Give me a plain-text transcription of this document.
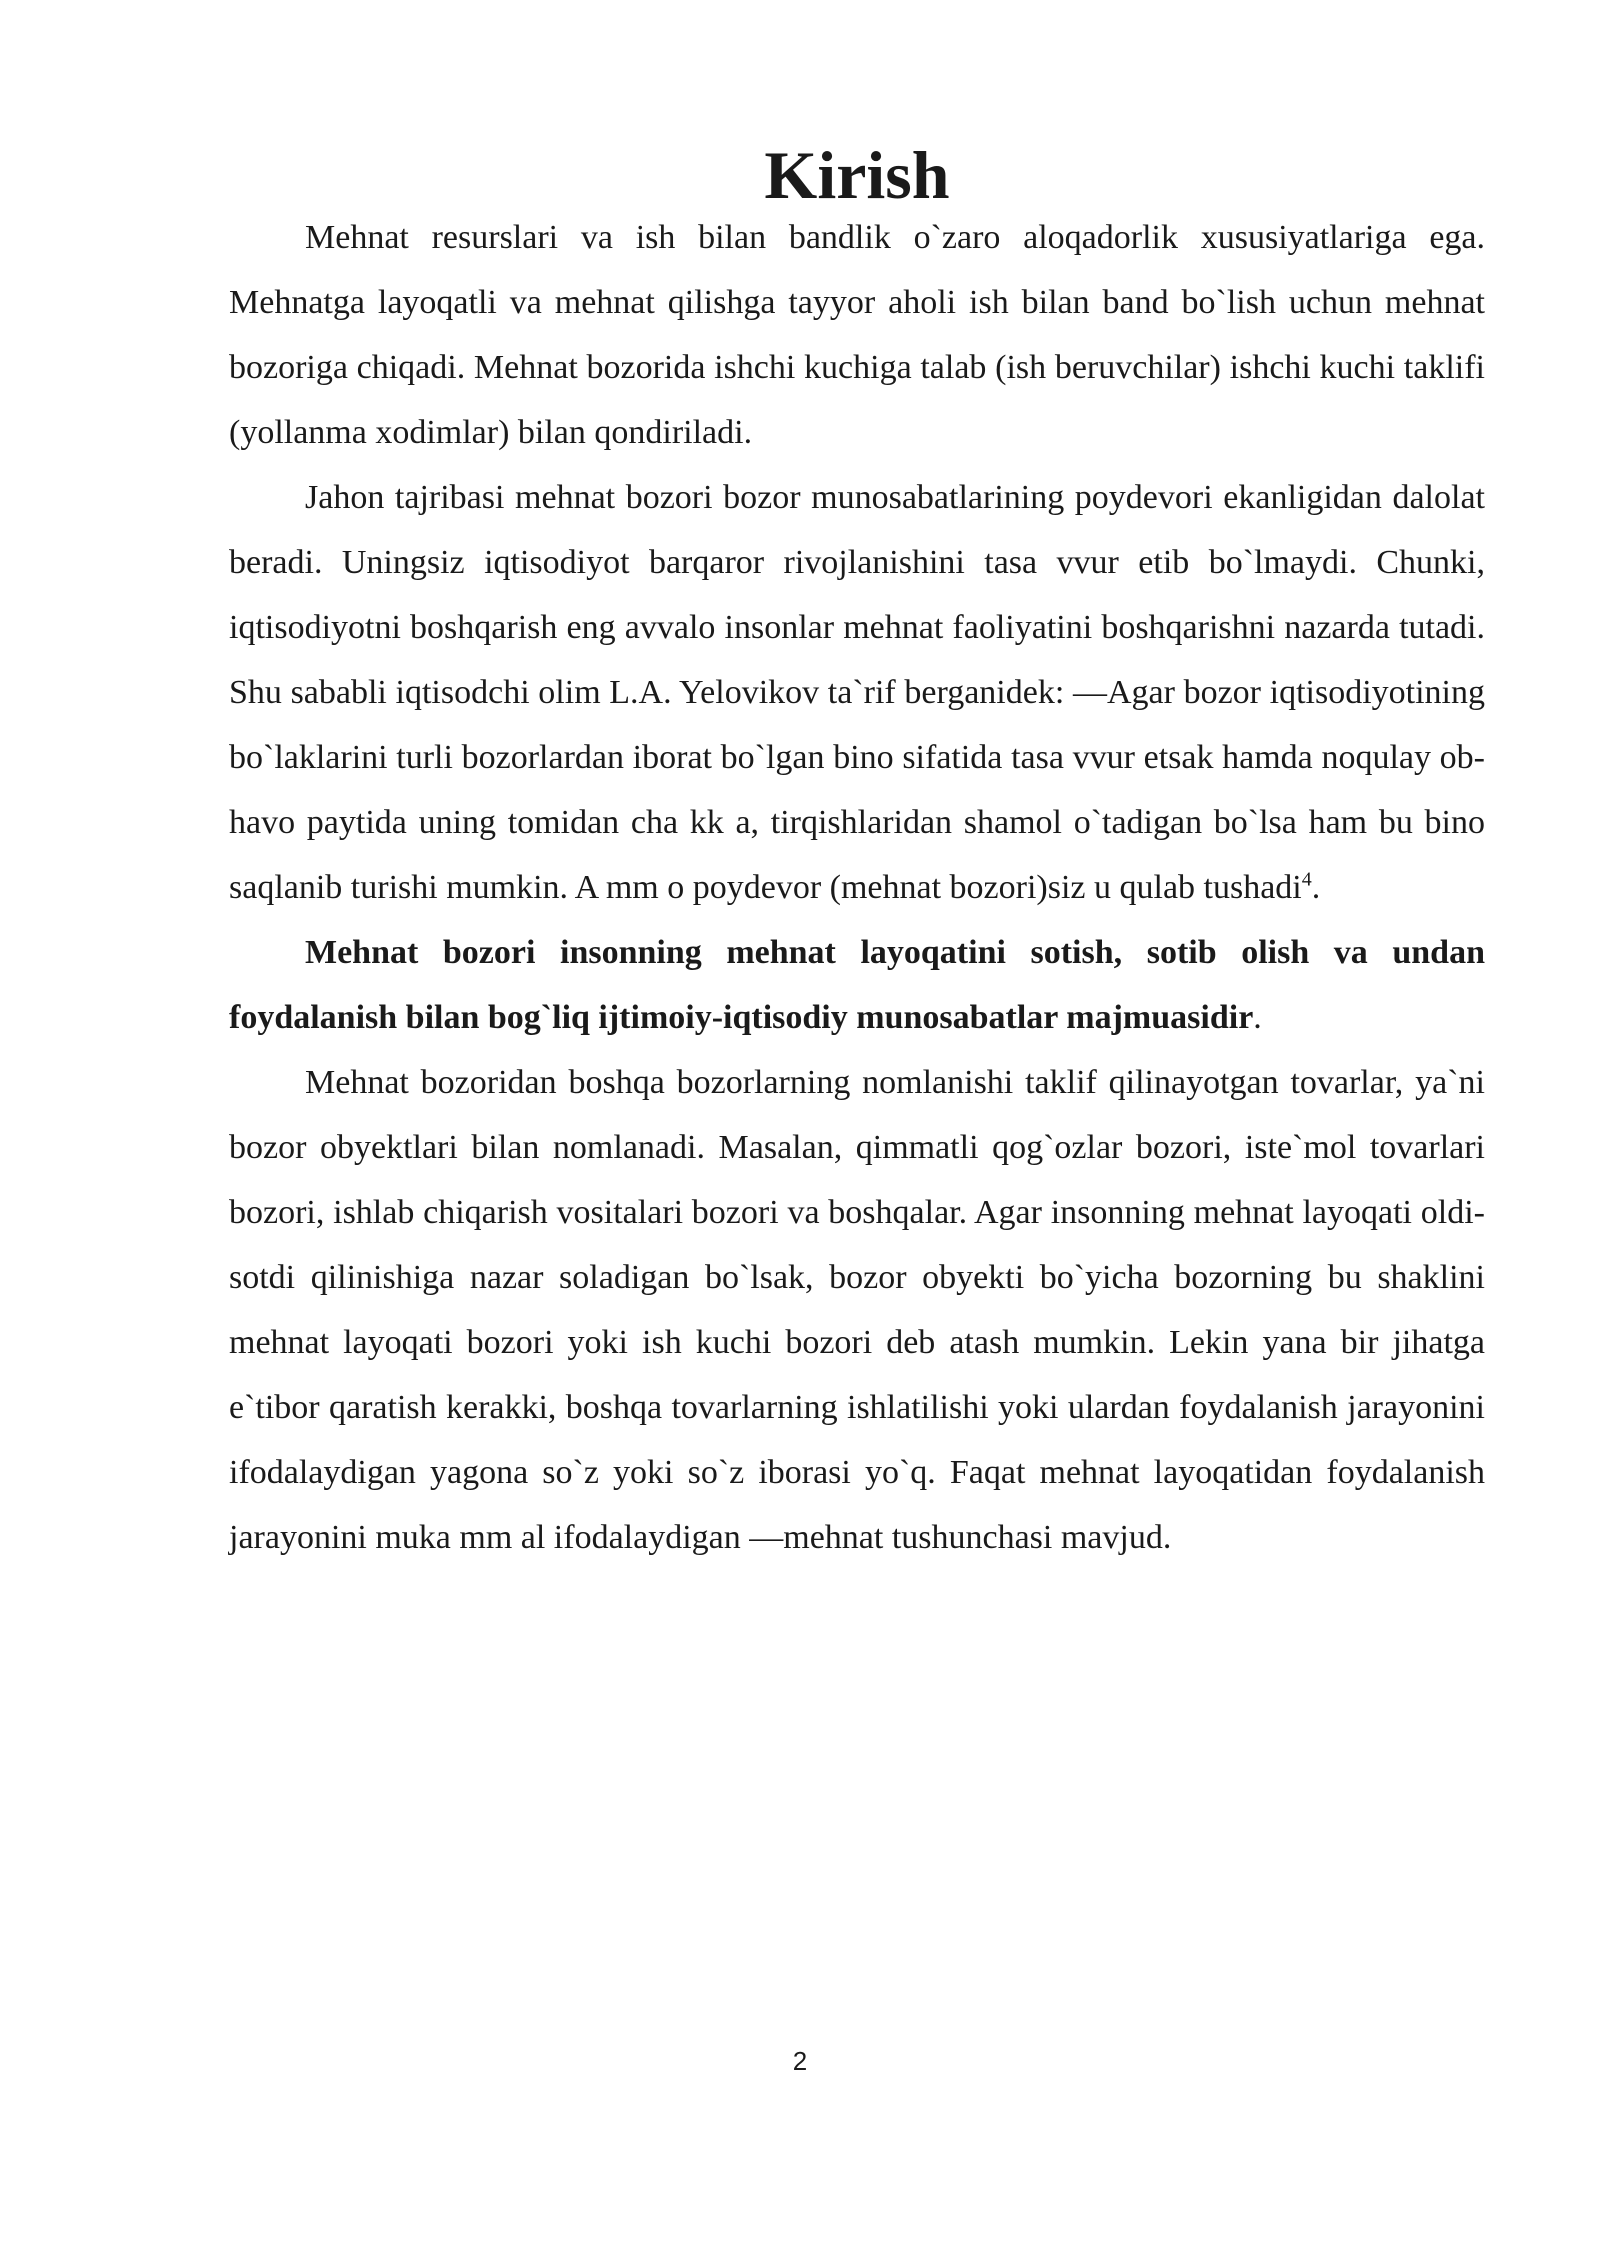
Kirish

Mehnat resurslari va ish bilan bandlik o`zaro aloqadorlik xususiyatlariga ega. Mehnatga layoqatli va mehnat qilishga tayyor aholi ish bilan band bo`lish uchun mehnat bozoriga chiqadi. Mehnat bozorida ishchi kuchiga talab (ish beruvchilar) ishchi kuchi taklifi (yollanma xodimlar) bilan qondiriladi.

Jahon tajribasi mehnat bozori bozor munosabatlarining poydevori ekanligidan dalolat beradi. Uningsiz iqtisodiyot barqaror rivojlanishini tasa vvur etib bo`lmaydi. Chunki, iqtisodiyotni boshqarish eng avvalo insonlar mehnat faoliyatini boshqarishni nazarda tutadi. Shu sababli iqtisodchi olim L.A. Yelovikov ta`rif berganidek: —Agar bozor iqtisodiyotining bo`laklarini turli bozorlardan iborat bo`lgan bino sifatida tasa vvur etsak hamda noqulay ob-havo paytida uning tomidan cha kk a, tirqishlaridan shamol o`tadigan bo`lsa ham bu bino saqlanib turishi mumkin. A mm o poydevor (mehnat bozori)siz u qulab tushadi$^4$.

Mehnat bozori insonning mehnat layoqatini sotish, sotib olish va undan foydalanish bilan bog`liq ijtimoiy-iqtisodiy munosabatlar majmuasidir.

Mehnat bozoridan boshqa bozorlarning nomlanishi taklif qilinayotgan tovarlar, ya`ni bozor obyektlari bilan nomlanadi. Masalan, qimmatli qog`ozlar bozori, iste`mol tovarlari bozori, ishlab chiqarish vositalari bozori va boshqalar. Agar insonning mehnat layoqati oldi-sotdi qilinishiga nazar soladigan bo`lsak, bozor obyekti bo`yicha bozorning bu shaklini mehnat layoqati bozori yoki ish kuchi bozori deb atash mumkin. Lekin yana bir jihatga e`tibor qaratish kerakki, boshqa tovarlarning ishlatilishi yoki ulardan foydalanish jarayonini ifodalaydigan yagona so`z yoki so`z iborasi yo`q. Faqat mehnat layoqatidan foydalanish jarayonini muka mm al ifodalaydigan —mehnat tushunchasi mavjud.

2
